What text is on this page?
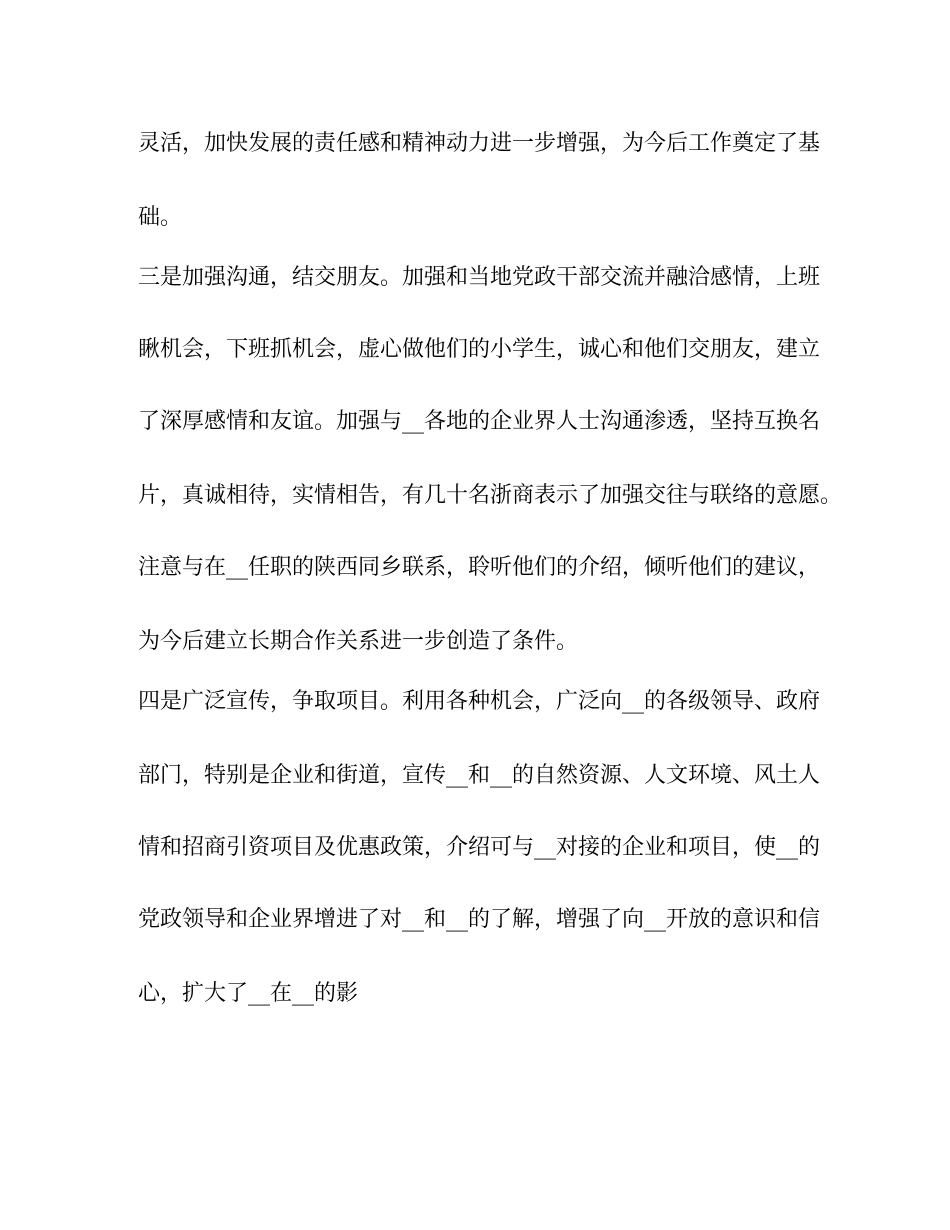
灵活，加快发展的责任感和精神动力进一步增强，为今后工作奠定了基
础。
三是加强沟通，结交朋友。加强和当地党政干部交流并融洽感情，上班
瞅机会，下班抓机会，虚心做他们的小学生，诚心和他们交朋友，建立
了深厚感情和友谊。加强与__各地的企业界人士沟通渗透，坚持互换名
片，真诚相待，实情相告，有几十名浙商表示了加强交往与联络的意愿。
注意与在__任职的陕西同乡联系，聆听他们的介绍，倾听他们的建议，
为今后建立长期合作关系进一步创造了条件。
四是广泛宣传，争取项目。利用各种机会，广泛向__的各级领导、政府
部门，特别是企业和街道，宣传__和__的自然资源、人文环境、风土人
情和招商引资项目及优惠政策，介绍可与__对接的企业和项目，使__的
党政领导和企业界增进了对__和__的了解，增强了向__开放的意识和信
心，扩大了__在__的影
